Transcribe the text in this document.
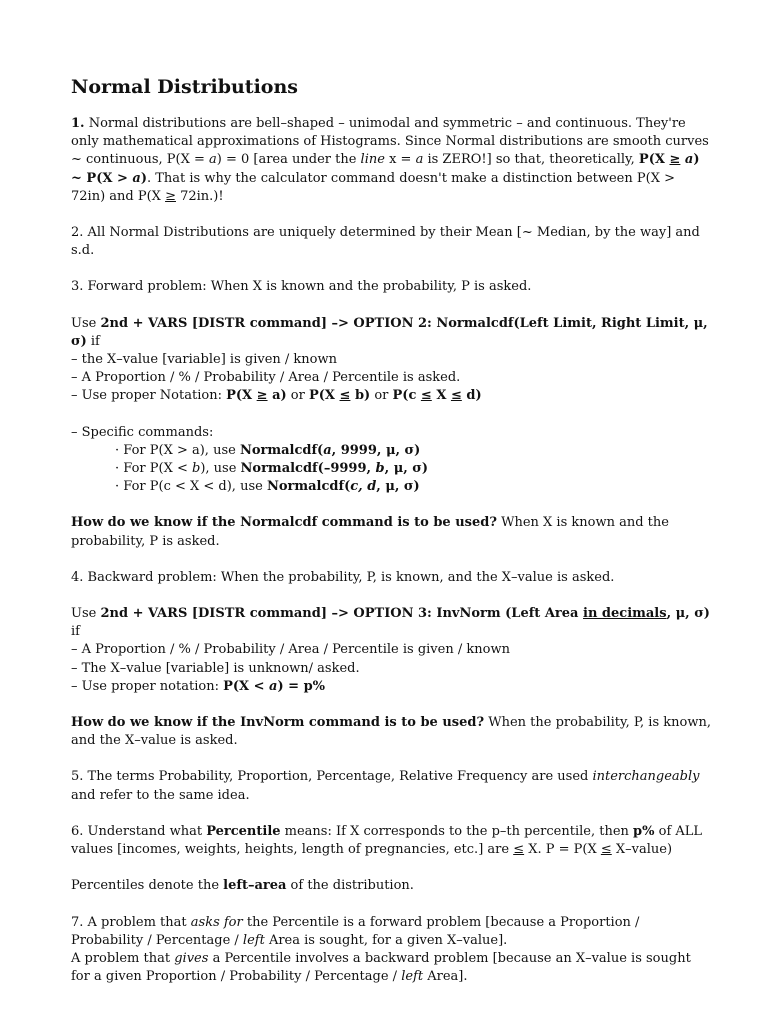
Normal Distributions

1. Normal distributions are bell–shaped – unimodal and symmetric – and continuous. They're only mathematical approximations of Histograms. Since Normal distributions are smooth curves ~ continuous, P(X = a) = 0 [area under the line x = a is ZERO!] so that, theoretically, P(X ≥ a) ~ P(X > a). That is why the calculator command doesn't make a distinction between P(X > 72in) and P(X ≥ 72in.)!

2. All Normal Distributions are uniquely determined by their Mean [~ Median, by the way] and s.d.

3. Forward problem: When X is known and the probability, P is asked.

Use 2nd + VARS [DISTR command] –> OPTION 2: Normalcdf(Left Limit, Right Limit, μ, σ) if

– the X–value [variable] is given / known

– A Proportion / % / Probability / Area / Percentile is asked.

– Use proper Notation: P(X ≥ a) or P(X ≤ b) or P(c ≤ X ≤ d)

– Specific commands:

· For P(X > a), use Normalcdf(a, 9999, μ, σ)

· For P(X < b), use Normalcdf(–9999, b, μ, σ)

· For P(c < X < d), use Normalcdf(c, d, μ, σ)

How do we know if the Normalcdf command is to be used? When X is known and the probability, P is asked.

4. Backward problem: When the probability, P, is known, and the X–value is asked.

Use 2nd + VARS [DISTR command] –> OPTION 3: InvNorm (Left Area in decimals, μ, σ) if

– A Proportion / % / Probability / Area / Percentile is given / known

– The X–value [variable] is unknown/ asked.

– Use proper notation: P(X < a) = p%

How do we know if the InvNorm command is to be used? When the probability, P, is known, and the X–value is asked.

5. The terms Probability, Proportion, Percentage, Relative Frequency are used interchangeably and refer to the same idea.

6. Understand what Percentile means: If X corresponds to the p–th percentile, then p% of ALL values [incomes, weights, heights, length of pregnancies, etc.] are ≤ X. P = P(X ≤ X–value)

Percentiles denote the left–area of the distribution.

7. A problem that asks for the Percentile is a forward problem [because a Proportion / Probability / Percentage / left Area is sought, for a given X–value].

A problem that gives a Percentile involves a backward problem [because an X–value is sought for a given Proportion / Probability / Percentage / left Area].
